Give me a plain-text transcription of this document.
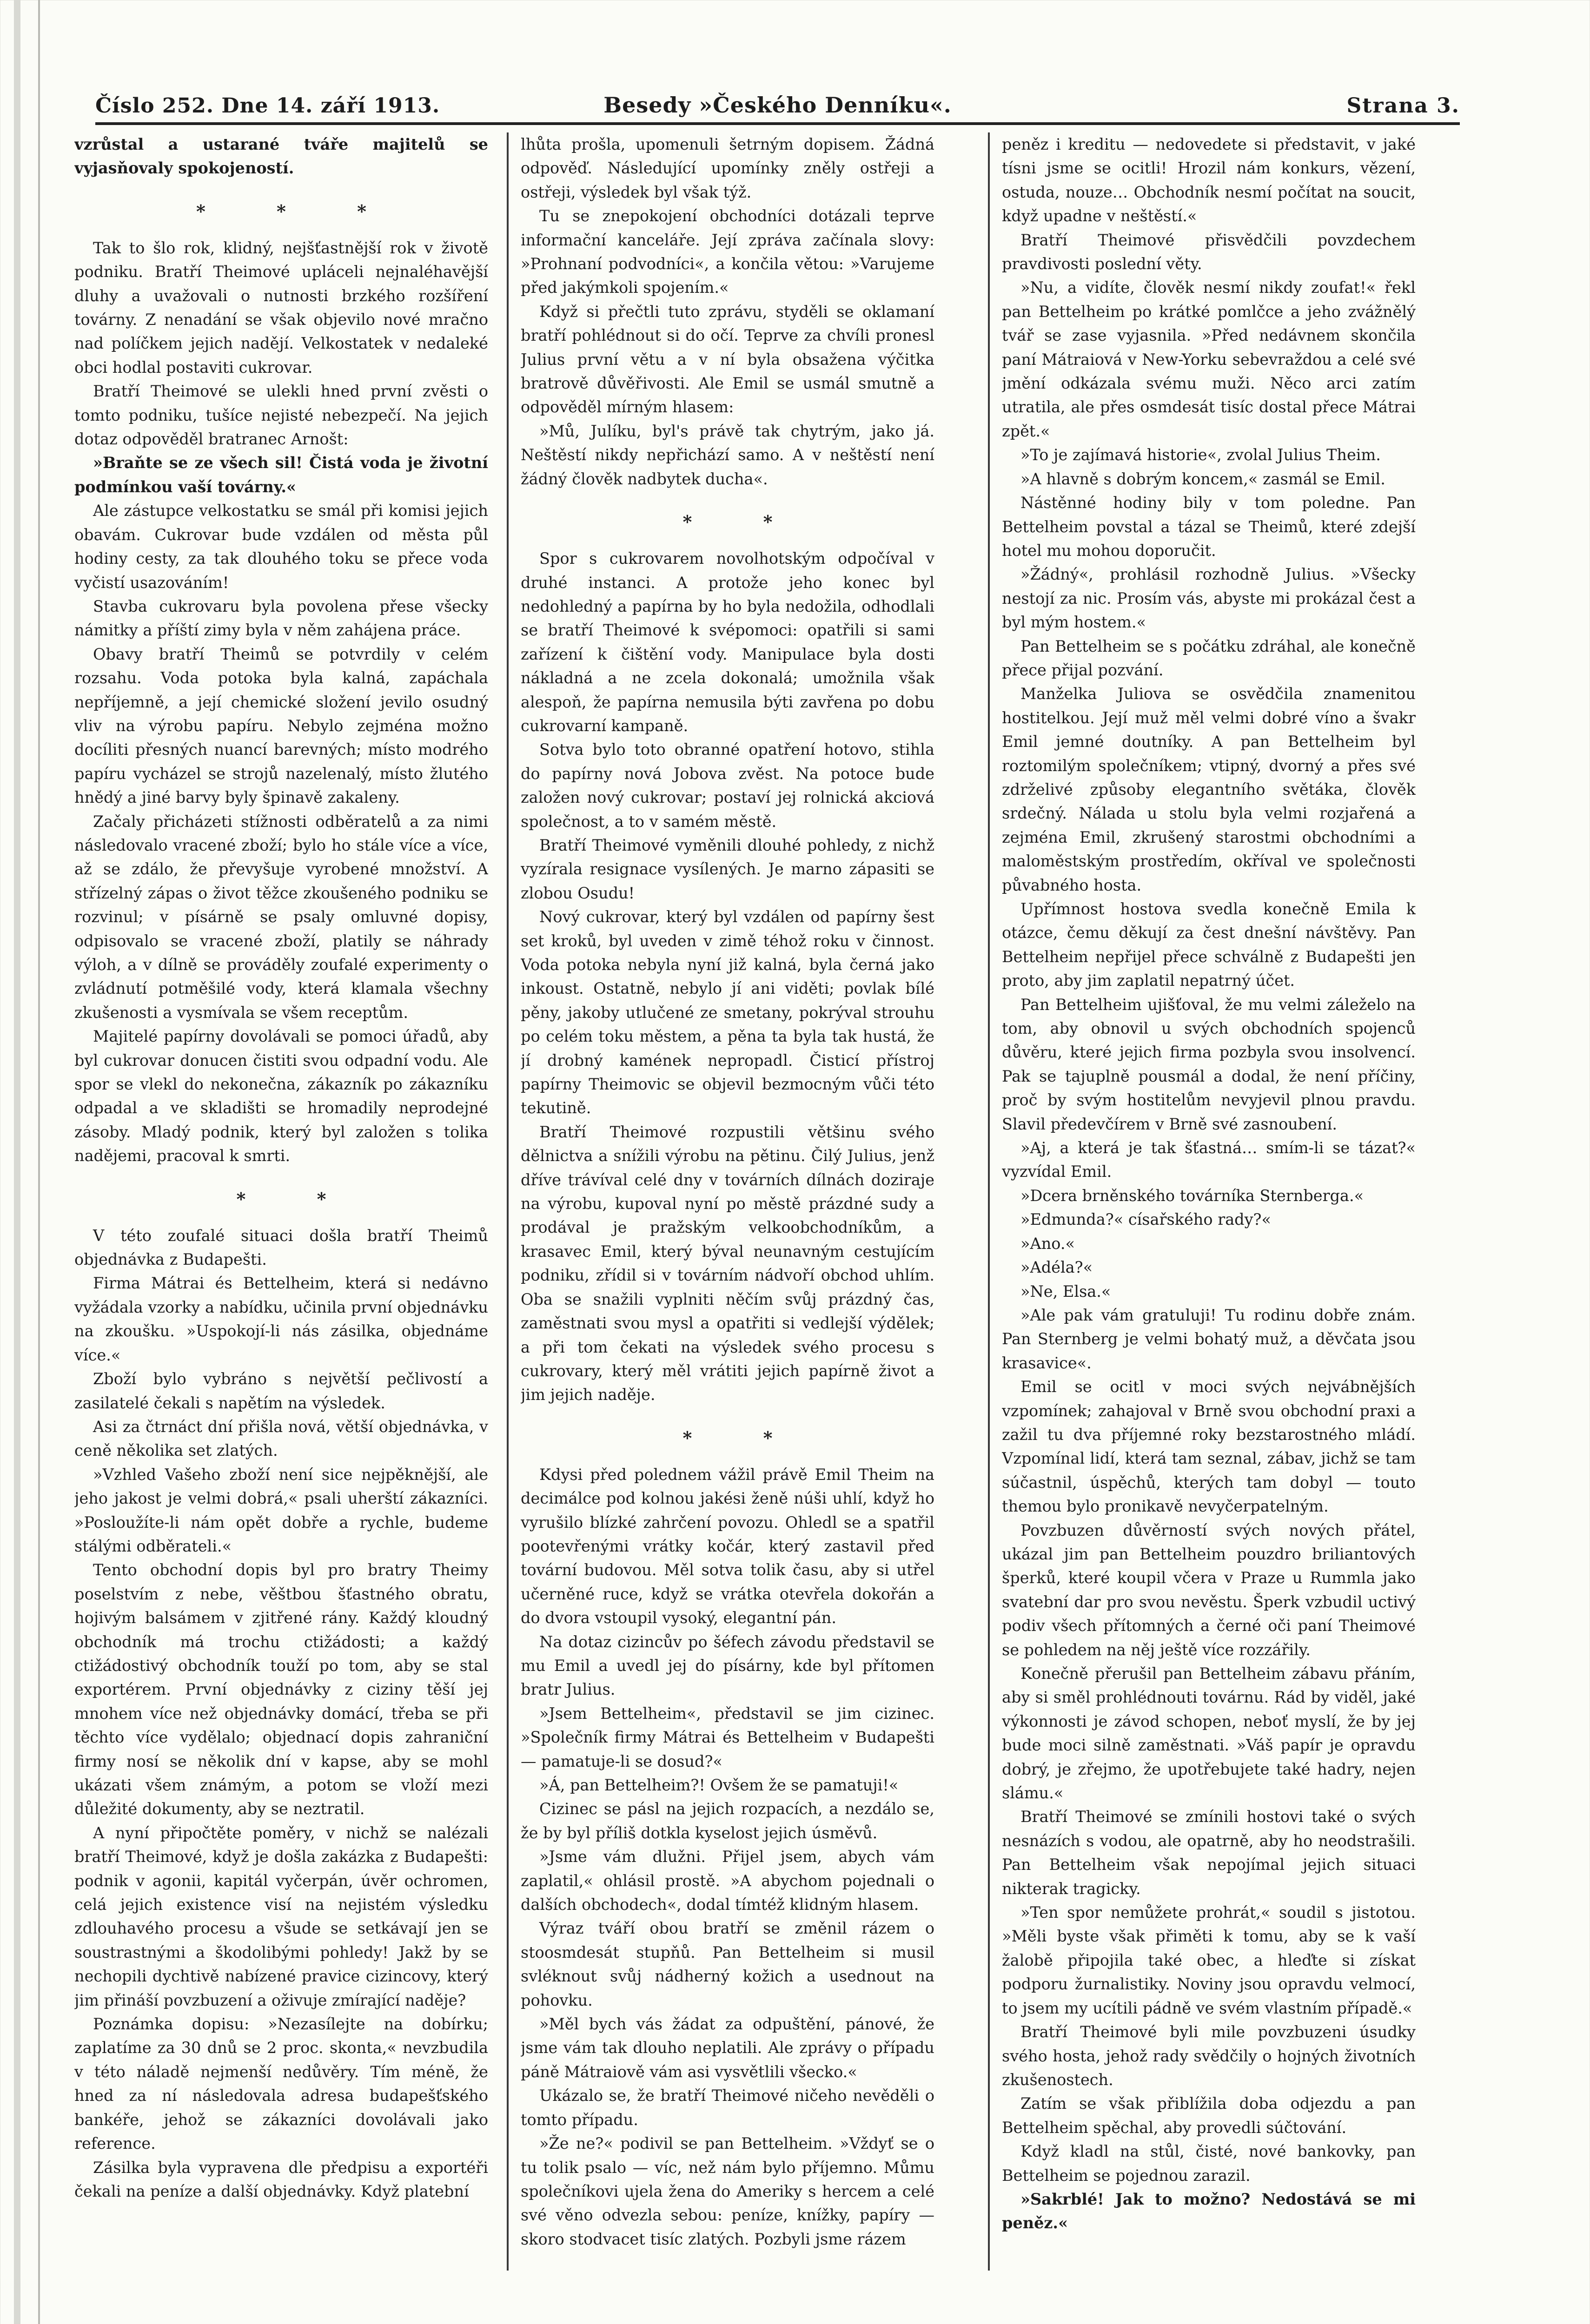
Číslo 252. Dne 14. září 1913.	Besedy »Českého Denníku«.	Strana 3.

vzrůstal a ustarané tváře majitelů se vyjasňovaly spokojeností.

* * *

Tak to šlo rok, klidný, nejšťastnější rok v životě podniku. Bratří Theimové upláceli nejnaléhavější dluhy a uvažovali o nutnosti brzkého rozšíření továrny. Z nenadání se však objevilo nové mračno nad políčkem jejich nadějí. Velkostatek v nedaleké obci hodlal postaviti cukrovar.

Bratří Theimové se ulekli hned první zvěsti o tomto podniku, tušíce nejisté nebezpečí. Na jejich dotaz odpověděl bratranec Arnošt:

»Braňte se ze všech sil! Čistá voda je životní podmínkou vaší továrny.«

Ale zástupce velkostatku se smál při komisi jejich obavám. Cukrovar bude vzdálen od města půl hodiny cesty, za tak dlouhého toku se přece voda vyčistí usazováním!

Stavba cukrovaru byla povolena přese všecky námitky a příští zimy byla v něm zahájena práce.

Obavy bratří Theimů se potvrdily v celém rozsahu. Voda potoka byla kalná, zapáchala nepříjemně, a její chemické složení jevilo osudný vliv na výrobu papíru. Nebylo zejména možno docíliti přesných nuancí barevných; místo modrého papíru vycházel se strojů nazelenalý, místo žlutého hnědý a jiné barvy byly špinavě zakaleny.

Začaly přicházeti stížnosti odběratelů a za nimi následovalo vracené zboží; bylo ho stále více a více, až se zdálo, že převyšuje vyrobené množství. A střízelný zápas o život těžce zkoušeného podniku se rozvinul; v písárně se psaly omluvné dopisy, odpisovalo se vracené zboží, platily se náhrady výloh, a v dílně se prováděly zoufalé experimenty o zvládnutí potměšilé vody, která klamala všechny zkušenosti a vysmívala se všem receptům.

Majitelé papírny dovolávali se pomoci úřadů, aby byl cukrovar donucen čistiti svou odpadní vodu. Ale spor se vlekl do nekonečna, zákazník po zákazníku odpadal a ve skladišti se hromadily neprodejné zásoby. Mladý podnik, který byl založen s tolika nadějemi, pracoval k smrti.

* *

V této zoufalé situaci došla bratří Theimů objednávka z Budapešti.

Firma Mátrai és Bettelheim, která si nedávno vyžádala vzorky a nabídku, učinila první objednávku na zkoušku. »Uspokojí-li nás zásilka, objednáme více.«

Zboží bylo vybráno s největší pečlivostí a zasilatelé čekali s napětím na výsledek.

Asi za čtrnáct dní přišla nová, větší objednávka, v ceně několika set zlatých.

»Vzhled Vašeho zboží není sice nejpěknější, ale jeho jakost je velmi dobrá,« psali uherští zákazníci. »Posloužíte-li nám opět dobře a rychle, budeme stálými odběrateli.«

Tento obchodní dopis byl pro bratry Theimy poselstvím z nebe, věštbou šťastného obratu, hojivým balsámem v zjitřené rány. Každý kloudný obchodník má trochu ctižádosti; a každý ctižádostivý obchodník touží po tom, aby se stal exportérem. První objednávky z ciziny těší jej mnohem více než objednávky domácí, třeba se při těchto více vydělalo; objednací dopis zahraniční firmy nosí se několik dní v kapse, aby se mohl ukázati všem známým, a potom se vloží mezi důležité dokumenty, aby se neztratil.

A nyní připočtěte poměry, v nichž se nalézali bratří Theimové, když je došla zakázka z Budapešti: podnik v agonii, kapitál vyčerpán, úvěr ochromen, celá jejich existence visí na nejistém výsledku zdlouhavého procesu a všude se setkávají jen se soustrastnými a škodolibými pohledy! Jakž by se nechopili dychtivě nabízené pravice cizincovy, který jim přináší povzbuzení a oživuje zmírající naděje?

Poznámka dopisu: »Nezasílejte na dobírku; zaplatíme za 30 dnů se 2 proc. skonta,« nevzbudila v této náladě nejmenší nedůvěry. Tím méně, že hned za ní následovala adresa budapešťského bankéře, jehož se zákazníci dovolávali jako reference.

Zásilka byla vypravena dle předpisu a exportéři čekali na peníze a další objednávky. Když platební

lhůta prošla, upomenuli šetrným dopisem. Žádná odpověď. Následující upomínky zněly ostřeji a ostřeji, výsledek byl však týž.

Tu se znepokojení obchodníci dotázali teprve informační kanceláře. Její zpráva začínala slovy: »Prohnaní podvodníci«, a končila větou: »Varujeme před jakýmkoli spojením.«

Když si přečtli tuto zprávu, styděli se oklamaní bratří pohlédnout si do očí. Teprve za chvíli pronesl Julius první větu a v ní byla obsažena výčitka bratrově důvěřivosti. Ale Emil se usmál smutně a odpověděl mírným hlasem:

»Mů, Julíku, byl's právě tak chytrým, jako já. Neštěstí nikdy nepřichází samo. A v neštěstí není žádný člověk nadbytek ducha«.

* *

Spor s cukrovarem novolhotským odpočíval v druhé instanci. A protože jeho konec byl nedohledný a papírna by ho byla nedožila, odhodlali se bratří Theimové k svépomoci: opatřili si sami zařízení k čištění vody. Manipulace byla dosti nákladná a ne zcela dokonalá; umožnila však alespoň, že papírna nemusila býti zavřena po dobu cukrovarní kampaně.

Sotva bylo toto obranné opatření hotovo, stihla do papírny nová Jobova zvěst. Na potoce bude založen nový cukrovar; postaví jej rolnická akciová společnost, a to v samém městě.

Bratří Theimové vyměnili dlouhé pohledy, z nichž vyzírala resignace vysílených. Je marno zápasiti se zlobou Osudu!

Nový cukrovar, který byl vzdálen od papírny šest set kroků, byl uveden v zimě téhož roku v činnost. Voda potoka nebyla nyní již kalná, byla černá jako inkoust. Ostatně, nebylo jí ani viděti; povlak bílé pěny, jakoby utlučené ze smetany, pokrýval strouhu po celém toku městem, a pěna ta byla tak hustá, že jí drobný kamének nepropadl. Čisticí přístroj papírny Theimovic se objevil bezmocným vůči této tekutině.

Bratří Theimové rozpustili většinu svého dělnictva a snížili výrobu na pětinu. Čilý Julius, jenž dříve trávíval celé dny v továrních dílnách doziraje na výrobu, kupoval nyní po městě prázdné sudy a prodával je pražským velkoobchodníkům, a krasavec Emil, který býval neunavným cestujícím podniku, zřídil si v továrním nádvoří obchod uhlím. Oba se snažili vyplniti něčím svůj prázdný čas, zaměstnati svou mysl a opatřiti si vedlejší výdělek; a při tom čekati na výsledek svého procesu s cukrovary, který měl vrátiti jejich papírně život a jim jejich naděje.

* *

Kdysi před polednem vážil právě Emil Theim na decimálce pod kolnou jakési ženě núši uhlí, když ho vyrušilo blízké zahrčení povozu. Ohledl se a spatřil pootevřenými vrátky kočár, který zastavil před tovární budovou. Měl sotva tolik času, aby si utřel učerněné ruce, když se vrátka otevřela dokořán a do dvora vstoupil vysoký, elegantní pán.

Na dotaz cizincův po šéfech závodu představil se mu Emil a uvedl jej do písárny, kde byl přítomen bratr Julius.

»Jsem Bettelheim«, představil se jim cizinec. »Společník firmy Mátrai és Bettelheim v Budapešti — pamatuje-li se dosud?«

»Á, pan Bettelheim?! Ovšem že se pamatuji!«

Cizinec se pásl na jejich rozpacích, a nezdálo se, že by byl příliš dotkla kyselost jejich úsměvů.

»Jsme vám dlužni. Přijel jsem, abych vám zaplatil,« ohlásil prostě. »A abychom pojednali o dalších obchodech«, dodal tímtéž klidným hlasem.

Výraz tváří obou bratří se změnil rázem o stoosmdesát stupňů. Pan Bettelheim si musil svléknout svůj nádherný kožich a usednout na pohovku.

»Měl bych vás žádat za odpuštění, pánové, že jsme vám tak dlouho neplatili. Ale zprávy o případu páně Mátraiově vám asi vysvětlili všecko.«

Ukázalo se, že bratří Theimové ničeho nevěděli o tomto případu.

»Že ne?« podivil se pan Bettelheim. »Vždyť se o tu tolik psalo — víc, než nám bylo příjemno. Můmu společníkovi ujela žena do Ameriky s hercem a celé své věno odvezla sebou: peníze, knížky, papíry — skoro stodvacet tisíc zlatých. Pozbyli jsme rázem

peněz i kreditu — nedovedete si představit, v jaké tísni jsme se ocitli! Hrozil nám konkurs, vězení, ostuda, nouze… Obchodník nesmí počítat na soucit, když upadne v neštěstí.«

Bratří Theimové přisvědčili povzdechem pravdivosti poslední věty.

»Nu, a vidíte, člověk nesmí nikdy zoufat!« řekl pan Bettelheim po krátké pomlčce a jeho zvážnělý tvář se zase vyjasnila. »Před nedávnem skončila paní Mátraiová v New-Yorku sebevraždou a celé své jmění odkázala svému muži. Něco arci zatím utratila, ale přes osmdesát tisíc dostal přece Mátrai zpět.«

»To je zajímavá historie«, zvolal Julius Theim.

»A hlavně s dobrým koncem,« zasmál se Emil.

Nástěnné hodiny bily v tom poledne. Pan Bettelheim povstal a tázal se Theimů, které zdejší hotel mu mohou doporučit.

»Žádný«, prohlásil rozhodně Julius. »Všecky nestojí za nic. Prosím vás, abyste mi prokázal čest a byl mým hostem.«

Pan Bettelheim se s počátku zdráhal, ale konečně přece přijal pozvání.

Manželka Juliova se osvědčila znamenitou hostitelkou. Její muž měl velmi dobré víno a švakr Emil jemné doutníky. A pan Bettelheim byl roztomilým společníkem; vtipný, dvorný a přes své zdrželivé způsoby elegantního světáka, člověk srdečný. Nálada u stolu byla velmi rozjařená a zejména Emil, zkrušený starostmi obchodními a maloměstským prostředím, okříval ve společnosti půvabného hosta.

Upřímnost hostova svedla konečně Emila k otázce, čemu děkují za čest dnešní návštěvy. Pan Bettelheim nepřijel přece schválně z Budapešti jen proto, aby jim zaplatil nepatrný účet.

Pan Bettelheim ujišťoval, že mu velmi záleželo na tom, aby obnovil u svých obchodních spojenců důvěru, které jejich firma pozbyla svou insolvencí. Pak se tajuplně pousmál a dodal, že není příčiny, proč by svým hostitelům nevyjevil plnou pravdu. Slavil předevčírem v Brně své zasnoubení.

»Aj, a která je tak šťastná… smím-li se tázat?« vyzvídal Emil.

»Dcera brněnského továrníka Sternberga.«

»Edmunda?« císařského rady?«

»Ano.«

»Adéla?«

»Ne, Elsa.«

»Ale pak vám gratuluji! Tu rodinu dobře znám. Pan Sternberg je velmi bohatý muž, a děvčata jsou krasavice«.

Emil se ocitl v moci svých nejvábnějších vzpomínek; zahajoval v Brně svou obchodní praxi a zažil tu dva příjemné roky bezstarostného mládí. Vzpomínal lidí, která tam seznal, zábav, jichž se tam súčastnil, úspěchů, kterých tam dobyl — touto themou bylo pronikavě nevyčerpatelným.

Povzbuzen důvěrností svých nových přátel, ukázal jim pan Bettelheim pouzdro briliantových šperků, které koupil včera v Praze u Rummla jako svatební dar pro svou nevěstu. Šperk vzbudil uctivý podiv všech přítomných a černé oči paní Theimové se pohledem na něj ještě více rozzářily.

Konečně přerušil pan Bettelheim zábavu přáním, aby si směl prohlédnouti továrnu. Rád by viděl, jaké výkonnosti je závod schopen, neboť myslí, že by jej bude moci silně zaměstnati. »Váš papír je opravdu dobrý, je zřejmo, že upotřebujete také hadry, nejen slámu.«

Bratří Theimové se zmínili hostovi také o svých nesnázích s vodou, ale opatrně, aby ho neodstrašili. Pan Bettelheim však nepojímal jejich situaci nikterak tragicky.

»Ten spor nemůžete prohrát,« soudil s jistotou. »Měli byste však přiměti k tomu, aby se k vaší žalobě připojila také obec, a hleďte si získat podporu žurnalistiky. Noviny jsou opravdu velmocí, to jsem my ucítili pádně ve svém vlastním případě.«

Bratří Theimové byli mile povzbuzeni úsudky svého hosta, jehož rady svědčily o hojných životních zkušenostech.

Zatím se však přiblížila doba odjezdu a pan Bettelheim spěchal, aby provedli súčtování.

Když kladl na stůl, čisté, nové bankovky, pan Bettelheim se pojednou zarazil.

»Sakrblé! Jak to možno? Nedostává se mi peněz.«
